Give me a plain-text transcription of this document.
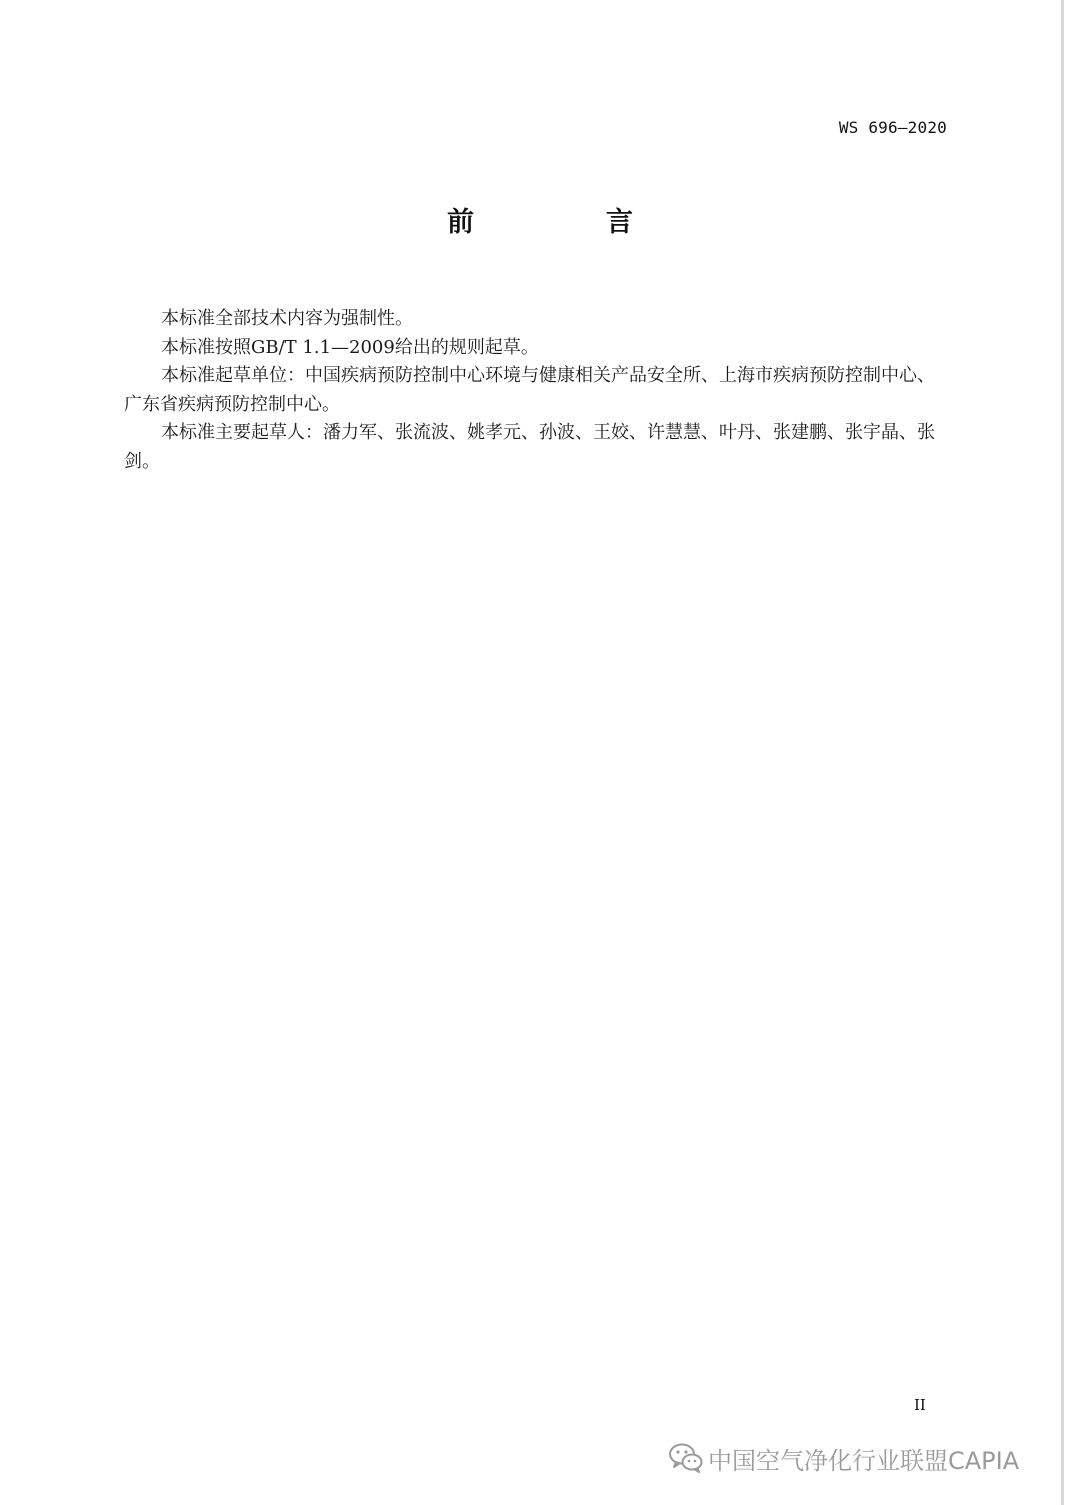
WS 696—2020
前	言

本标准全部技术内容为强制性。

本标准按照GB/T 1.1—2009给出的规则起草。

本标准起草单位：中国疾病预防控制中心环境与健康相关产品安全所、上海市疾病预防控制中心、广东省疾病预防控制中心。

本标准主要起草人：潘力军、张流波、姚孝元、孙波、王姣、许慧慧、叶丹、张建鹏、张宇晶、张剑。

II
中国空气净化行业联盟CAPIA
